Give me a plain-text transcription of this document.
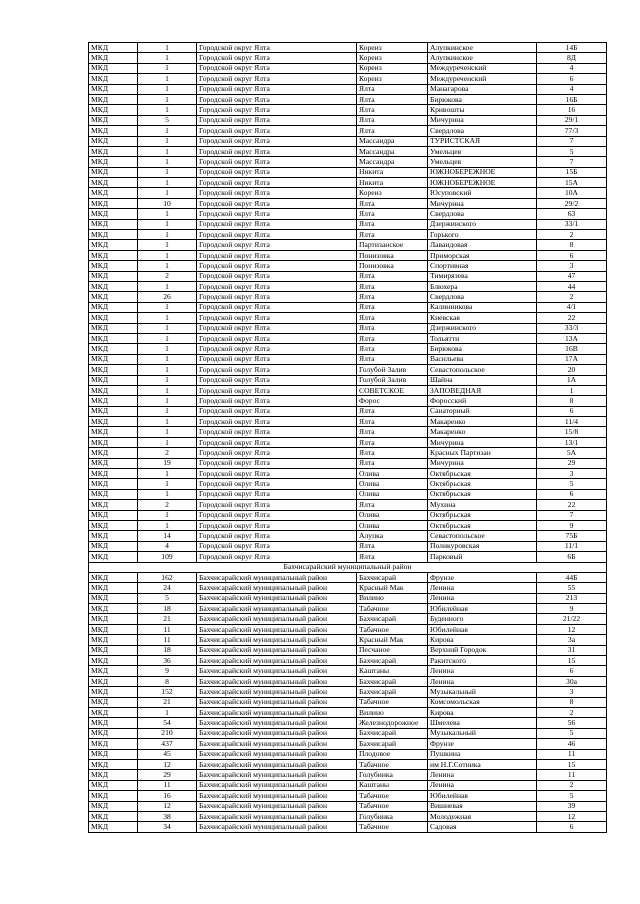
МКД	1	Городской округ Ялта	Кореиз	Алупкинское	14Б
МКД	1	Городской округ Ялта	Кореиз	Алупкинское	8Д
МКД	1	Городской округ Ялта	Кореиз	Междуреченский	4
МКД	1	Городской округ Ялта	Кореиз	Междуреченский	6
МКД	1	Городской округ Ялта	Ялта	Манагарова	4
МКД	1	Городской округ Ялта	Ялта	Бирюкова	16Б
МКД	1	Городской округ Ялта	Ялта	Кривошты	16
МКД	5	Городской округ Ялта	Ялта	Мичурина	29/1
МКД	1	Городской округ Ялта	Ялта	Свердлова	77/3
МКД	1	Городской округ Ялта	Массандра	ТУРИСТСКАЯ	7
МКД	1	Городской округ Ялта	Массандра	Умельцев	5
МКД	1	Городской округ Ялта	Массандра	Умельцев	7
МКД	1	Городской округ Ялта	Никита	ЮЖНОБЕРЕЖНОЕ	15Б
МКД	1	Городской округ Ялта	Никита	ЮЖНОБЕРЕЖНОЕ	15А
МКД	1	Городской округ Ялта	Кореиз	Юсуповский	10А
МКД	10	Городской округ Ялта	Ялта	Мичурина	29/2
МКД	1	Городской округ Ялта	Ялта	Свердлова	63
МКД	1	Городской округ Ялта	Ялта	Дзержинского	33/1
МКД	1	Городской округ Ялта	Ялта	Горького	2
МКД	1	Городской округ Ялта	Партизанское	Лавандовая	8
МКД	1	Городской округ Ялта	Понизовка	Приморская	6
МКД	1	Городской округ Ялта	Понизовка	Спортивная	3
МКД	2	Городской округ Ялта	Ялта	Тимирязева	47
МКД	1	Городской округ Ялта	Ялта	Блюхера	44
МКД	26	Городской округ Ялта	Ялта	Свердлова	2
МКД	1	Городской округ Ялта	Ялта	Калинникова	4/1
МКД	1	Городской округ Ялта	Ялта	Киевская	22
МКД	1	Городской округ Ялта	Ялта	Дзержинского	33/3
МКД	1	Городской округ Ялта	Ялта	Тольятти	13А
МКД	1	Городской округ Ялта	Ялта	Бирюкова	16В
МКД	1	Городской округ Ялта	Ялта	Васильева	17А
МКД	1	Городской округ Ялта	Голубой Залив	Севастопольское	20
МКД	1	Городской округ Ялта	Голубой Залив	Шайна	1А
МКД	1	Городской округ Ялта	СОВЕТСКОЕ	ЗАПОВЕДНАЯ	1
МКД	1	Городской округ Ялта	Форос	Форосский	8
МКД	1	Городской округ Ялта	Ялта	Санаторный	6
МКД	1	Городской округ Ялта	Ялта	Макаренко	11/4
МКД	1	Городской округ Ялта	Ялта	Макаренко	15/8
МКД	1	Городской округ Ялта	Ялта	Мичурина	13/1
МКД	2	Городской округ Ялта	Ялта	Красных Партизан	5А
МКД	19	Городской округ Ялта	Ялта	Мичурина	29
МКД	1	Городской округ Ялта	Олива	Октябрьская	3
МКД	1	Городской округ Ялта	Олива	Октябрьская	5
МКД	1	Городской округ Ялта	Олива	Октябрьская	6
МКД	2	Городской округ Ялта	Ялта	Мухина	22
МКД	1	Городской округ Ялта	Олива	Октябрьская	7
МКД	1	Городской округ Ялта	Олива	Октябрьская	9
МКД	14	Городской округ Ялта	Алупка	Севастопольское	75Б
МКД	4	Городской округ Ялта	Ялта	Поликуровская	11/1
МКД	109	Городской округ Ялта	Ялта	Парковый	6Б
Бахчисарайский муниципальный район					
МКД	162	Бахчисарайский муниципальный район	Бахчисарай	Фрунзе	44Б
МКД	24	Бахчисарайский муниципальный район	Красный Мак	Ленина	55
МКД	5	Бахчисарайский муниципальный район	Вилино	Ленина	213
МКД	18	Бахчисарайский муниципальный район	Табачное	Юбилейная	9
МКД	21	Бахчисарайский муниципальный район	Бахчисарай	Буденного	21/22
МКД	11	Бахчисарайский муниципальный район	Табачное	Юбилейная	12
МКД	11	Бахчисарайский муниципальный район	Красный Мак	Кирова	3а
МКД	18	Бахчисарайский муниципальный район	Песчаное	Верхний Городок	31
МКД	36	Бахчисарайский муниципальный район	Бахчисарай	Ракитского	15
МКД	9	Бахчисарайский муниципальный район	Каштаны	Ленина	6
МКД	8	Бахчисарайский муниципальный район	Бахчисарай	Ленина	30а
МКД	152	Бахчисарайский муниципальный район	Бахчисарай	Музыкальный	3
МКД	21	Бахчисарайский муниципальный район	Табачное	Комсомольская	8
МКД	1	Бахчисарайский муниципальный район	Вилино	Кирова	2
МКД	54	Бахчисарайский муниципальный район	Железнодорожное	Шмелева	56
МКД	210	Бахчисарайский муниципальный район	Бахчисарай	Музыкальный	5
МКД	437	Бахчисарайский муниципальный район	Бахчисарай	Фрунзе	46
МКД	45	Бахчисарайский муниципальный район	Плодовое	Пушкина	11
МКД	12	Бахчисарайский муниципальный район	Табачное	им Н.Г.Сотника	15
МКД	29	Бахчисарайский муниципальный район	Голубинка	Ленина	11
МКД	11	Бахчисарайский муниципальный район	Каштаны	Ленина	2
МКД	16	Бахчисарайский муниципальный район	Табачное	Юбилейная	5
МКД	12	Бахчисарайский муниципальный район	Табачное	Вишневая	39
МКД	38	Бахчисарайский муниципальный район	Голубинка	Молодежная	12
МКД	34	Бахчисарайский муниципальный район	Табачное	Садовая	6
